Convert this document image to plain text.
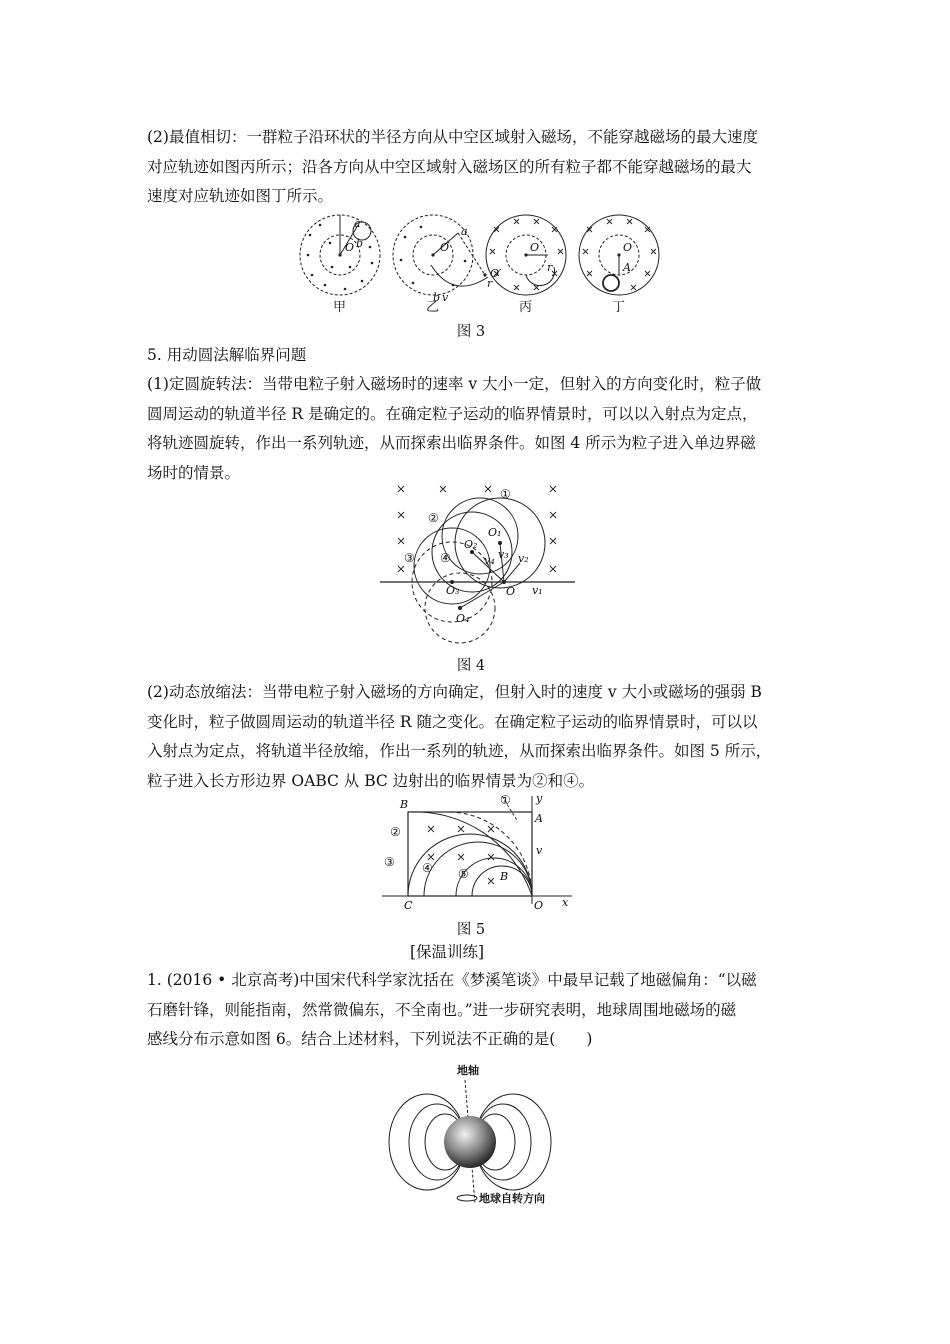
(2)最值相切：一群粒子沿环状的半径方向从中空区域射入磁场，不能穿越磁场的最大速度
对应轨迹如图丙所示；沿各方向从中空区域射入磁场区的所有粒子都不能穿越磁场的最大
速度对应轨迹如图丁所示。
O
a
b	O
a
b v
r
O′
O
r
O
A
甲	乙	丙	丁
图 3
5. 用动圆法解临界问题
(1)定圆旋转法：当带电粒子射入磁场时的速率 v 大小一定，但射入的方向变化时，粒子做
圆周运动的轨道半径 R 是确定的。在确定粒子运动的临界情景时，可以以入射点为定点，
将轨迹圆旋转，作出一系列轨迹，从而探索出临界条件。如图 4 所示为粒子进入单边界磁
场时的情景。
O
O₁
O₂
O₃
O₄
v₁
v₂
v₃
v₄
①
②
③ ④
图 4
(2)动态放缩法：当带电粒子射入磁场的方向确定，但射入时的速度 v 大小或磁场的强弱 B
变化时，粒子做圆周运动的轨道半径 R 随之变化。在确定粒子运动的临界情景时，可以以
入射点为定点，将轨道半径放缩，作出一系列的轨迹，从而探索出临界条件。如图 5 所示，
粒子进入长方形边界 OABC 从 BC 边射出的临界情景为②和④。
B
A
C	O x
y
v
B
①
②
③ ④ ⑤
图 5
[保温训练]
1. (2016 • 北京高考)中国宋代科学家沈括在《梦溪笔谈》中最早记载了地磁偏角：“以磁
石磨针锋，则能指南，然常微偏东，不全南也。”进一步研究表明，地球周围地磁场的磁
感线分布示意如图 6。结合上述材料，下列说法不正确的是(　　)
地轴
地球自转方向
